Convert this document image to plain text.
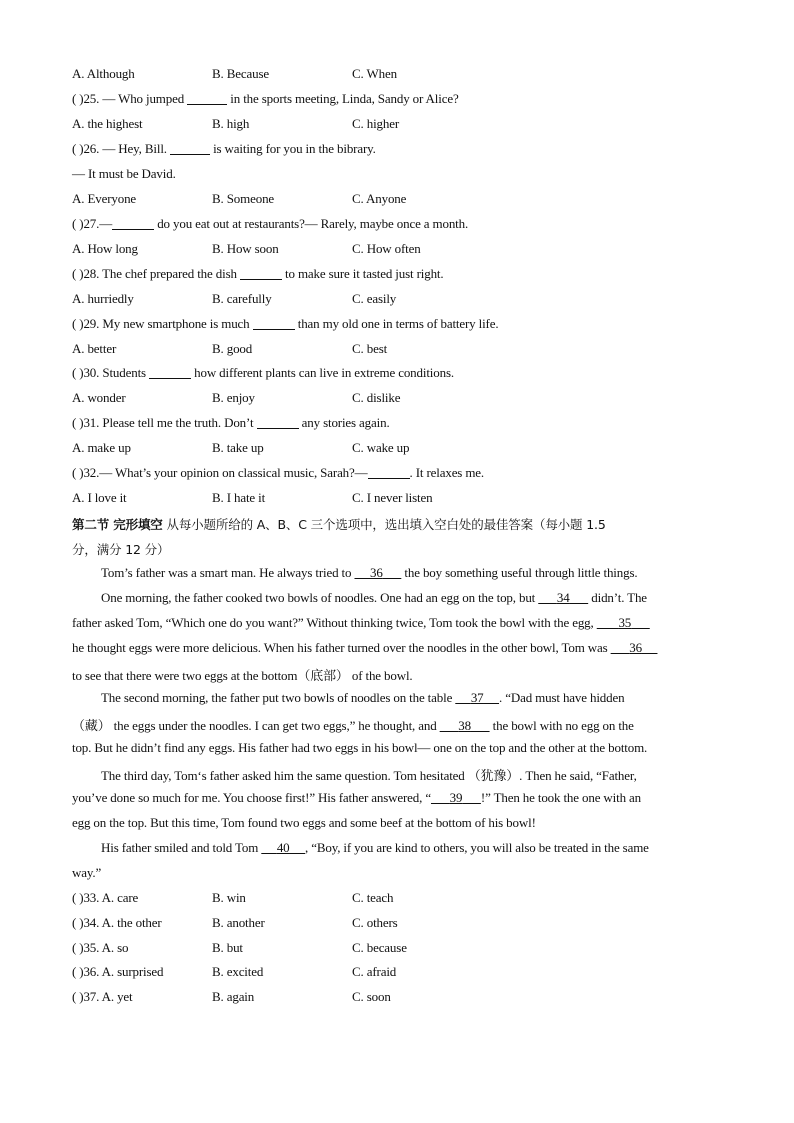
A. Although	B. Because	C. When
( )25. — Who jumped	in the sports meeting, Linda, Sandy or Alice?
A. the highest	B. high	C. higher
( )26. — Hey, Bill.	is waiting for you in the bibrary.
— It must be David.
A. Everyone	B. Someone	C. Anyone
( )27.—	do you eat out at restaurants?— Rarely, maybe once a month.
A. How long	B. How soon	C. How often
( )28. The chef prepared the dish	to make sure it tasted just right.
A. hurriedly	B. carefully	C. easily
( )29. My new smartphone is much	than my old one in terms of battery life.
A. better	B. good	C. best
( )30. Students	how different plants can live in extreme conditions.
A. wonder	B. enjoy	C. dislike
( )31. Please tell me the truth. Don’t	any stories again.
A. make up	B. take up	C. wake up
( )32.— What’s your opinion on classical music, Sarah?—	. It relaxes me.
A. I love it	B. I hate it	C. I never listen
第二节 完形填空 从每小题所给的 A、B、C 三个选项中，选出填入空白处的最佳答案（每小题 1.5
分，满分 12 分）
Tom’s father was a smart man. He always tried to      36       the boy something useful through little things.
One morning, the father cooked two bowls of noodles. One had an egg on the top, but       34       didn’t. The
father asked Tom, “Which one do you want?” Without thinking twice, Tom took the bowl with the egg,        35
he thought eggs were more delicious. When his father turned over the noodles in the other bowl, Tom was       36
to see that there were two eggs at the bottom（底部） of the bowl.
The second morning, the father put two bowls of noodles on the table      37 . “Dad must have hidden
（藏） the eggs under the noodles. I can get two eggs,” he thought, and       38       the bowl with no egg on the
top. But he didn’t find any eggs. His father had two eggs in his bowl— one on the top and the other at the bottom.
The third day, Tom‘s father asked him the same question. Tom hesitated （犹豫）. Then he said, “Father,
you’ve done so much for me. You choose first!” His father answered, “ 39 !” Then he took the one with an
egg on the top. But this time, Tom found two eggs and some beef at the bottom of his bowl!
His father smiled and told Tom      40 , “Boy, if you are kind to others, you will also be treated in the same
way.”
( )33. A. care	B. win	C. teach
( )34. A. the other	B. another	C. others
( )35. A. so	B. but	C. because
( )36. A. surprised	B. excited	C. afraid
( )37. A. yet	B. again	C. soon
